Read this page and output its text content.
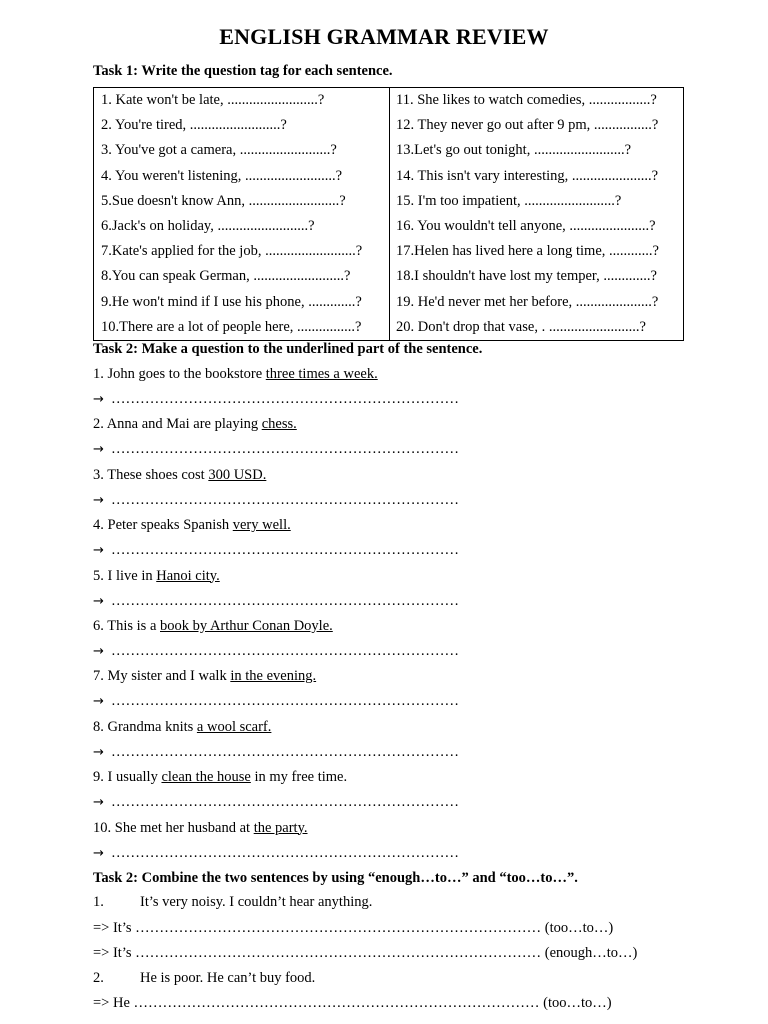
ENGLISH GRAMMAR REVIEW
Task 1: Write the question tag for each sentence.
1. Kate won't be late, .........................?	11. She likes to watch comedies, .................?
2. You're tired, .........................?	12. They never go out after 9 pm, ................?
3. You've got a camera, .........................?	13.Let's go out tonight, .........................?
4. You weren't listening, .........................?	14. This isn't vary interesting, ......................?
5.Sue doesn't know Ann, .........................?	15. I'm too impatient, .........................?
6.Jack's on holiday, .........................?	16. You wouldn't tell anyone, ......................?
7.Kate's applied for the job, .........................?	17.Helen has lived here a long time, ............?
8.You can speak German, .........................?	18.I shouldn't have lost my temper, .............?
9.He won't mind if I use his phone, .............?	19. He'd never met her before, .....................?
10.There are a lot of people here, ................?	20. Don't drop that vase, . .........................?
Task 2: Make a question to the underlined part of the sentence.
1. John goes to the bookstore three times a week.
→ ………………………………………………………………
2. Anna and Mai are playing chess.
→ ………………………………………………………………
3. These shoes cost 300 USD.
→ ………………………………………………………………
4. Peter speaks Spanish very well.
→ ………………………………………………………………
5. I live in Hanoi city.
→ ………………………………………………………………
6. This is a book by Arthur Conan Doyle.
→ ………………………………………………………………
7. My sister and I walk in the evening.
→ ………………………………………………………………
8. Grandma knits a wool scarf.
→ ………………………………………………………………
9. I usually clean the house in my free time.
→ ………………………………………………………………
10. She met her husband at the party.
→ ………………………………………………………………
Task 2: Combine the two sentences by using “enough…to…” and “too…to…”.
1. It’s very noisy. I couldn’t hear anything.
=> It’s ………………………………………………………………………… (too…to…)
=> It’s ………………………………………………………………………… (enough…to…)
2. He is poor. He can’t buy food.
=> He ………………………………………………………………………… (too…to…)
